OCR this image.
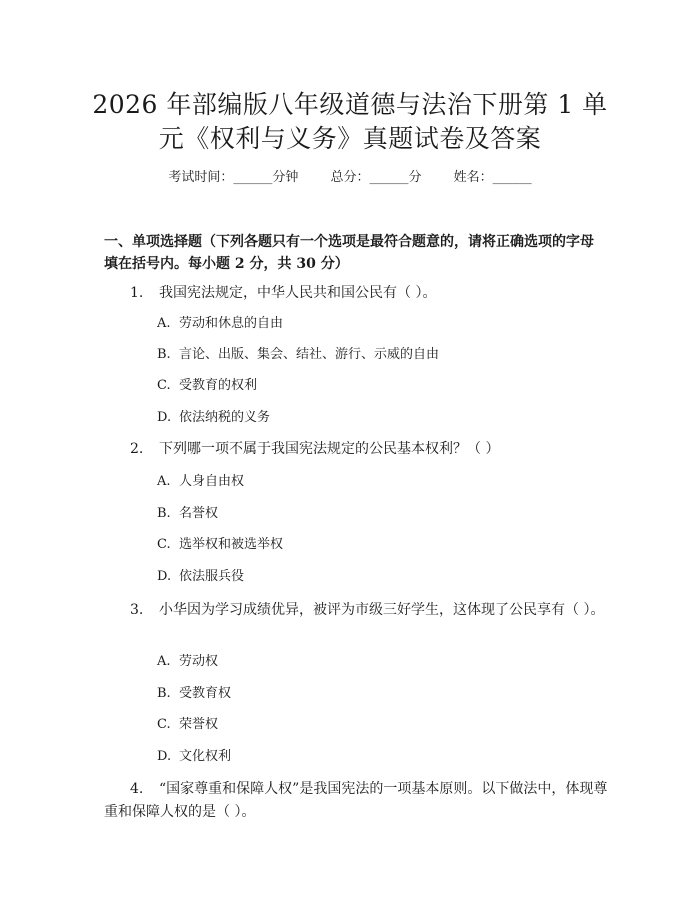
2026 年部编版八年级道德与法治下册第 1 单
元《权利与义务》真题试卷及答案
考试时间：______分钟 总分：______分 姓名：______
一、单项选择题（下列各题只有一个选项是最符合题意的，请将正确选项的字母
填在括号内。每小题 2 分，共 30 分）
1. 我国宪法规定，中华人民共和国公民有（ ）。
A. 劳动和休息的自由
B. 言论、出版、集会、结社、游行、示威的自由
C. 受教育的权利
D. 依法纳税的义务
2. 下列哪一项不属于我国宪法规定的公民基本权利？（ ）
A. 人身自由权
B. 名誉权
C. 选举权和被选举权
D. 依法服兵役
3. 小华因为学习成绩优异，被评为市级三好学生，这体现了公民享有（ ）。
A. 劳动权
B. 受教育权
C. 荣誉权
D. 文化权利
4. “国家尊重和保障人权”是我国宪法的一项基本原则。以下做法中，体现尊重和保障人权的是（ ）。
